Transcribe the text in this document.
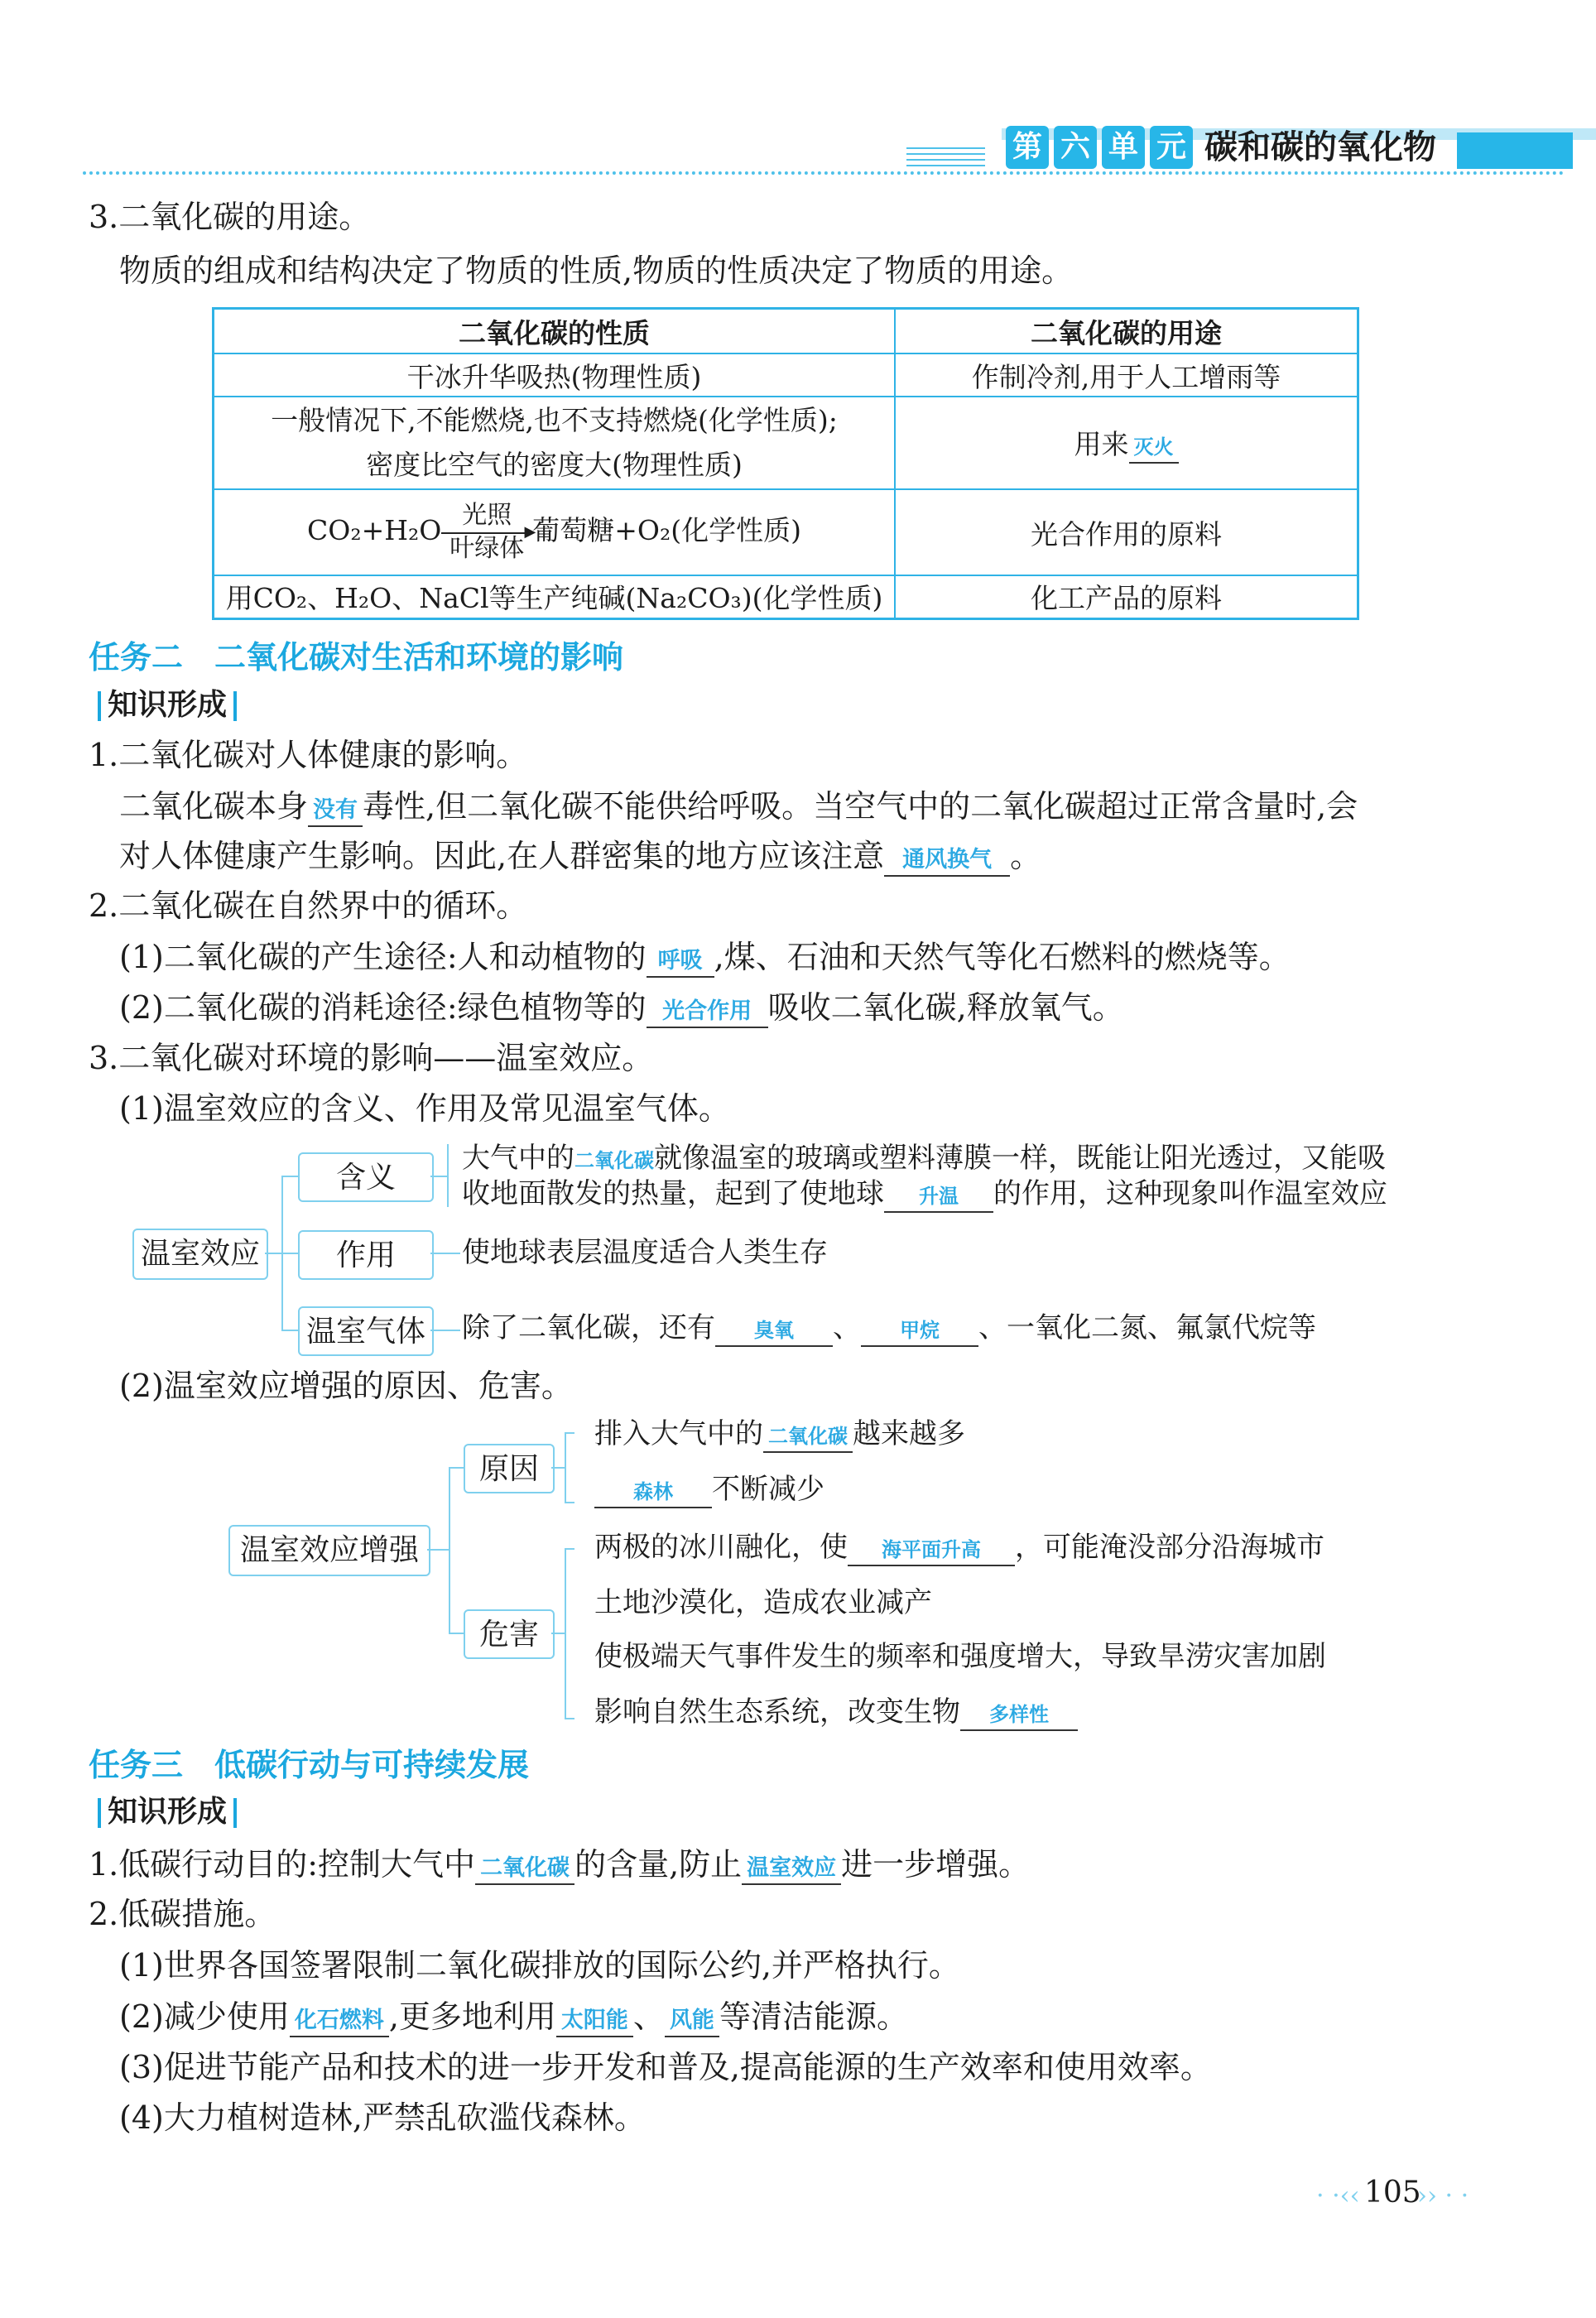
第 六 单 元 碳和碳的氧化物
3.二氧化碳的用途。
物质的组成和结构决定了物质的性质,物质的性质决定了物质的用途。
二氧化碳的性质	二氧化碳的用途
干冰升华吸热(物理性质)	作制冷剂,用于人工增雨等

一般情况下,不能燃烧,也不支持燃烧(化学性质);
密度比空气的密度大(物理性质)	用来 灭火
CO₂+H₂O 光照
▶
叶绿体
葡萄糖+O₂(化学性质)	光合作用的原料
用CO₂、H₂O、NaCl等生产纯碱(Na₂CO₃)(化学性质)	化工产品的原料
任务二　二氧化碳对生活和环境的影响
知识形成
1.二氧化碳对人体健康的影响。
二氧化碳本身 没有 毒性,但二氧化碳不能供给呼吸。当空气中的二氧化碳超过正常含量时,会
对人体健康产生影响。因此,在人群密集的地方应该注意 通风换气 。
2.二氧化碳在自然界中的循环。
(1)二氧化碳的产生途径:人和动植物的 呼吸 ,煤、石油和天然气等化石燃料的燃烧等。
(2)二氧化碳的消耗途径:绿色植物等的 光合作用 吸收二氧化碳,释放氧气。
3.二氧化碳对环境的影响——温室效应。
(1)温室效应的含义、作用及常见温室气体。
温室效应
含义
作用
温室气体
大气中的二氧化碳就像温室的玻璃或塑料薄膜一样，既能让阳光透过，又能吸
收地面散发的热量，起到了使地球 升温 的作用，这种现象叫作温室效应
使地球表层温度适合人类生存
除了二氧化碳，还有 臭氧 、 甲烷 、一氧化二氮、氟氯代烷等
(2)温室效应增强的原因、危害。
温室效应增强
原因
危害
排入大气中的 二氧化碳 越来越多
森林 不断减少
两极的冰川融化，使 海平面升高 ，可能淹没部分沿海城市
土地沙漠化，造成农业减产
使极端天气事件发生的频率和强度增大，导致旱涝灾害加剧
影响自然生态系统，改变生物 多样性
任务三　低碳行动与可持续发展
知识形成
1.低碳行动目的:控制大气中 二氧化碳 的含量,防止 温室效应 进一步增强。
2.低碳措施。
(1)世界各国签署限制二氧化碳排放的国际公约,并严格执行。
(2)减少使用 化石燃料 ,更多地利用 太阳能 、 风能 等清洁能源。
(3)促进节能产品和技术的进一步开发和普及,提高能源的生产效率和使用效率。
(4)大力植树造林,严禁乱砍滥伐森林。
· ·‹‹ 105
›› · ·
